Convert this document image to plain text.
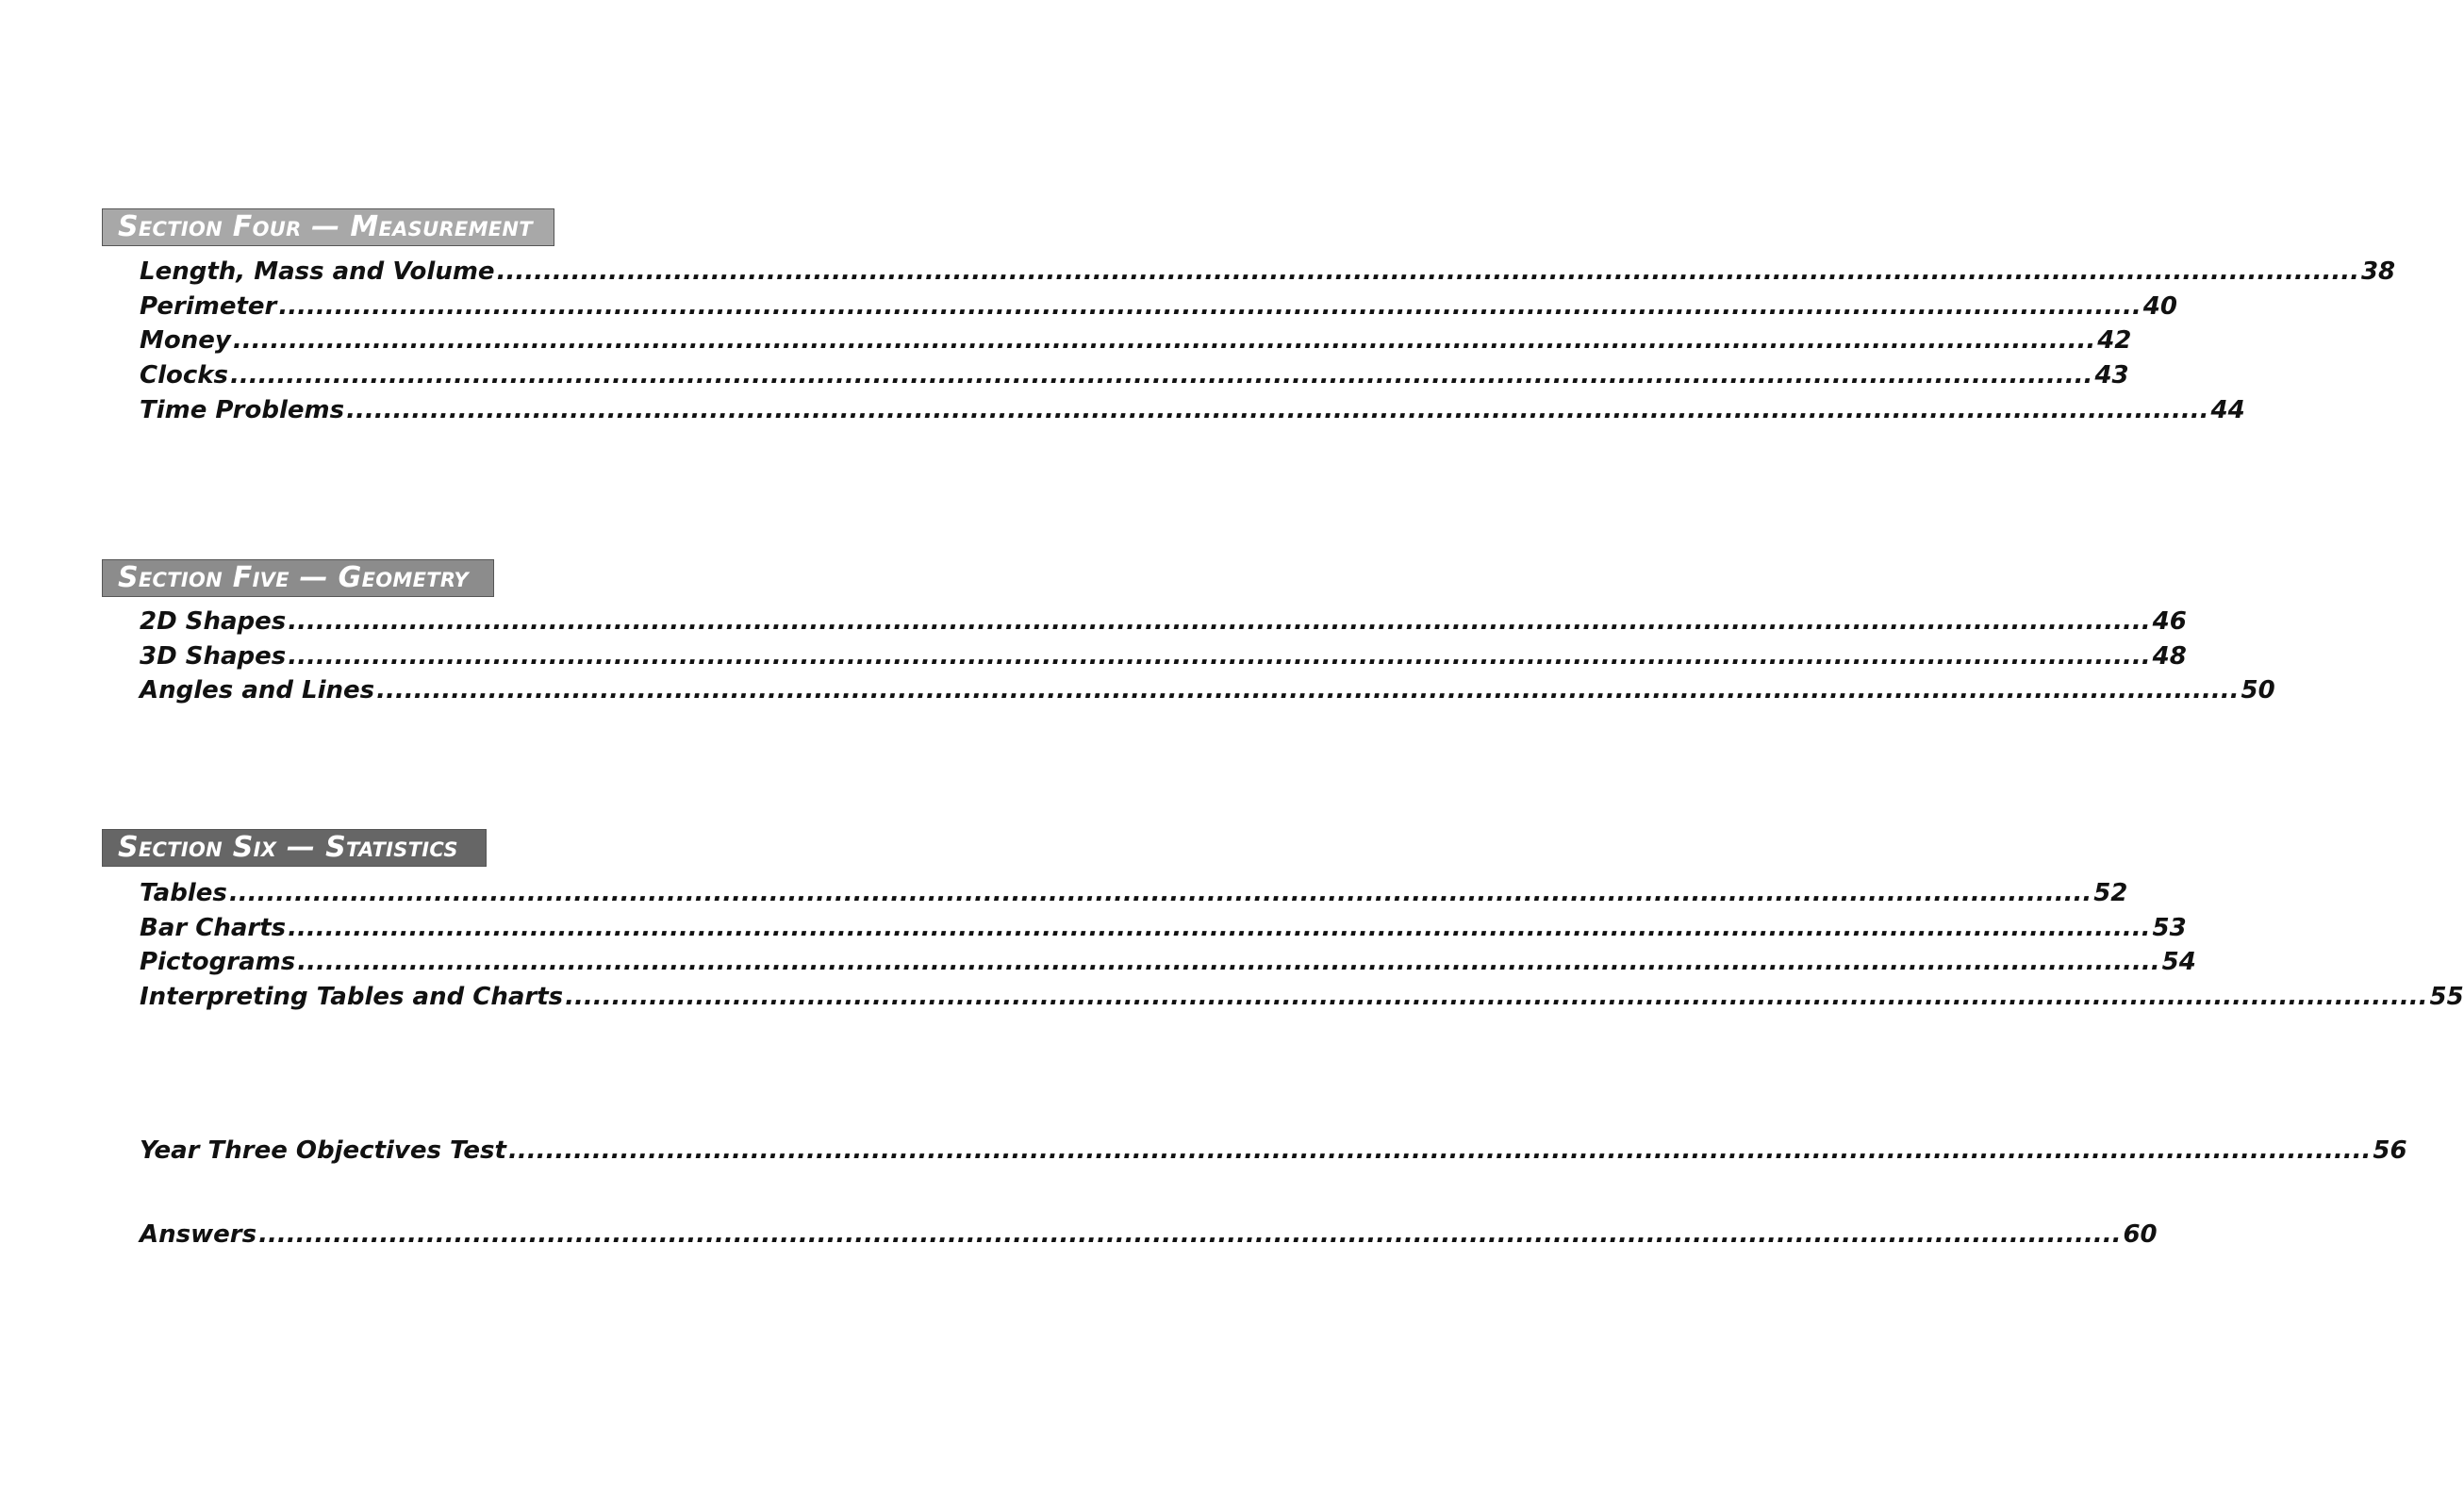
Section Four — Measurement
Length, Mass and Volume ........................................................................................................................................................................................................ 38
Perimeter ........................................................................................................................................................................................................ 40
Money ........................................................................................................................................................................................................ 42
Clocks ........................................................................................................................................................................................................ 43
Time Problems ........................................................................................................................................................................................................ 44
Section Five — Geometry
2D Shapes ........................................................................................................................................................................................................ 46
3D Shapes ........................................................................................................................................................................................................ 48
Angles and Lines ........................................................................................................................................................................................................ 50
Section Six — Statistics
Tables ........................................................................................................................................................................................................ 52
Bar Charts ........................................................................................................................................................................................................ 53
Pictograms ........................................................................................................................................................................................................ 54
Interpreting Tables and Charts ........................................................................................................................................................................................................ 55
Year Three Objectives Test ........................................................................................................................................................................................................ 56
Answers ........................................................................................................................................................................................................ 60
